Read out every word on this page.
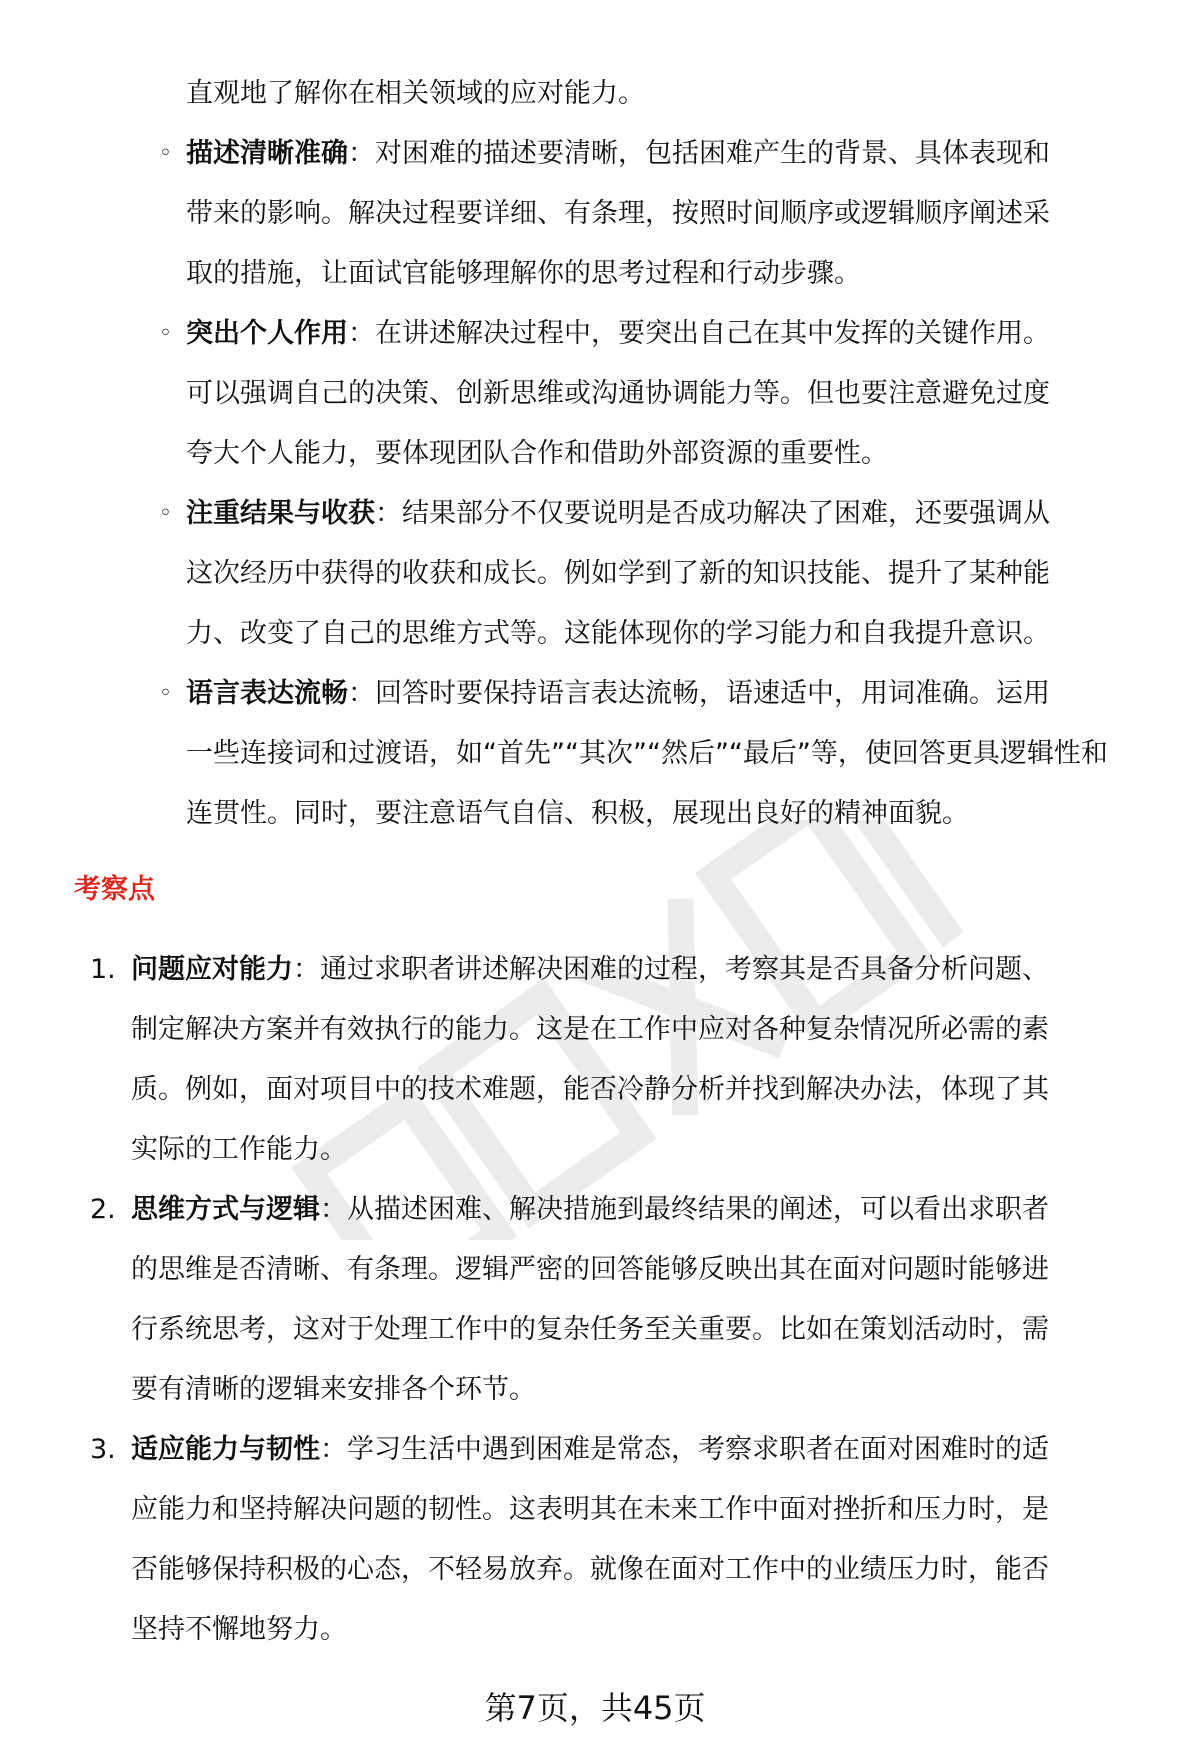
直观地了解你在相关领域的应对能力。
◦ 描述清晰准确：对困难的描述要清晰，包括困难产生的背景、具体表现和
带来的影响。解决过程要详细、有条理，按照时间顺序或逻辑顺序阐述采
取的措施，让面试官能够理解你的思考过程和行动步骤。
◦ 突出个人作用：在讲述解决过程中，要突出自己在其中发挥的关键作用。
可以强调自己的决策、创新思维或沟通协调能力等。但也要注意避免过度
夸大个人能力，要体现团队合作和借助外部资源的重要性。
◦ 注重结果与收获：结果部分不仅要说明是否成功解决了困难，还要强调从
这次经历中获得的收获和成长。例如学到了新的知识技能、提升了某种能
力、改变了自己的思维方式等。这能体现你的学习能力和自我提升意识。
◦ 语言表达流畅：回答时要保持语言表达流畅，语速适中，用词准确。运用
一些连接词和过渡语，如“首先”“其次”“然后”“最后”等，使回答更具逻辑性和
连贯性。同时，要注意语气自信、积极，展现出良好的精神面貌。
考察点
1. 问题应对能力：通过求职者讲述解决困难的过程，考察其是否具备分析问题、
制定解决方案并有效执行的能力。这是在工作中应对各种复杂情况所必需的素
质。例如，面对项目中的技术难题，能否冷静分析并找到解决办法，体现了其
实际的工作能力。
2. 思维方式与逻辑：从描述困难、解决措施到最终结果的阐述，可以看出求职者
的思维是否清晰、有条理。逻辑严密的回答能够反映出其在面对问题时能够进
行系统思考，这对于处理工作中的复杂任务至关重要。比如在策划活动时，需
要有清晰的逻辑来安排各个环节。
3. 适应能力与韧性：学习生活中遇到困难是常态，考察求职者在面对困难时的适
应能力和坚持解决问题的韧性。这表明其在未来工作中面对挫折和压力时，是
否能够保持积极的心态，不轻易放弃。就像在面对工作中的业绩压力时，能否
坚持不懈地努力。
第7页，共45页
